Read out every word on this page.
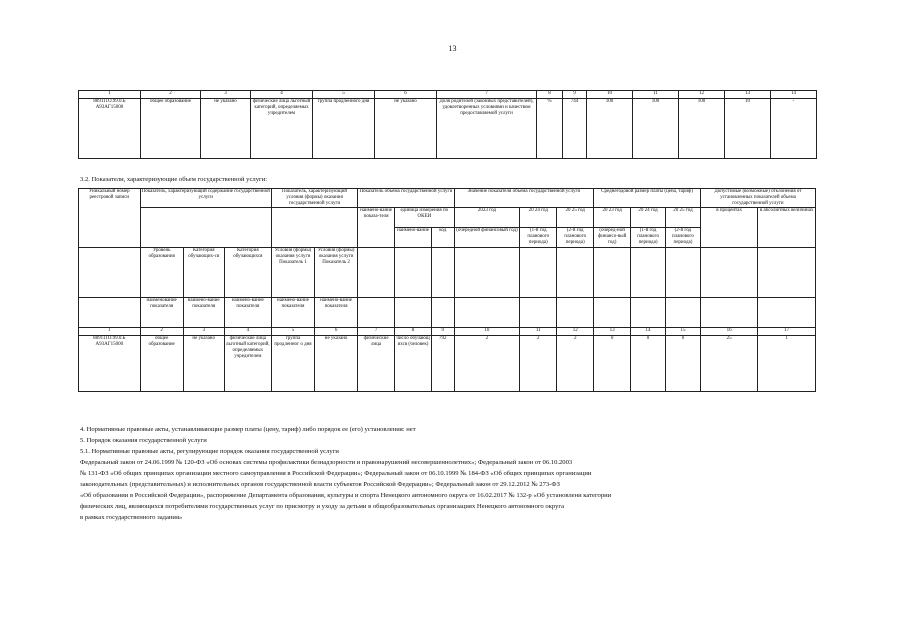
13
1	2	3	4	5	6	7	8	9	10	11	12	13	14
889111О.99.0.Б А93АГ15000	общее образование	не указано	физические лица льготный категорий, определяемых учредителем	группа продленного дня	не указано	Доля родителей (законных представителей), удовлетворенных условиями и качеством предоставляемой услуги	%	744	100	100	100	10	-
3.2. Показатели, характеризующие объем государственной услуги:
Уникальный номер реестровой записи	Показатель, характеризующий содержание государственной услуги			Показатель, характеризующий условия (формы) оказания государственной услуги		Показатель объема государственной услуги			Значение показателя объема государственной услуги			Среднегодовой размер платы (цена, тариф)			Допустимые (возможные) отклонения от установленных показателей объема государственной услуги	
						наимено-вание показа-теля	единица измерения по ОКЕИ		2023 год	20 24 год	20 25 год	20 23 год	20 24 год	20 25 год	в процентах	в абсолютных величинах
							наимено-вание	код	(очередной финансовый год)	(1-й год планового периода)	(2-й год планового периода)	(очеред-ной финансо-вый год)	(1-й год планового периода)	(2-й год планового периода)		
	Уровень образования	Категория обучающих-ся	Категория обучающихся	Условия (формы) оказания услуги Показатель 1	Условия (формы) оказания услуги Показатель 2											
	наименование показателя	наимено-вание показателя	наимено-вание показателя	наимено-вание показателя	наимено-вание показателя											
1	2	3	4	5	6	7	8	9	10	11	12	13	14	15	16	17
889111О.99.0.Б А93АГ15000	общее образование	не указано	физические лица льготный категорий, определяемых учредителем	группа продленног о дня	не указано	физические лица	число обучающ ихся (человек)	792	2	2	2	0	0	0	25	1
4. Нормативные правовые акты, устанавливающие размер платы (цену, тариф) либо порядок ее (его) установления: нет
5. Порядок оказания государственной услуги
5.1. Нормативные правовые акты, регулирующие порядок оказания государственной услуги
Федеральный закон от 24.06.1999 № 120-ФЗ «Об основах системы профилактики безнадзорности и правонарушений несовершеннолетних»; Федеральный закон от 06.10.2003
№ 131-ФЗ «Об общих принципах организации местного самоуправления в Российской Федерации»; Федеральный закон от 06.10.1999 № 184-ФЗ «Об общих принципах организации
законодательных (представительных) и исполнительных органов государственной власти субъектов Российской Федерации»; Федеральный закон от 29.12.2012 № 273-ФЗ
«Об образовании в Российской Федерации», распоряжение Департамента образования, культуры и спорта Ненецкого автономного округа от 16.02.2017 № 132-р «Об установлени категории
физических лиц, являющихся потребителями государственных услуг по присмотру и уходу за детьми в общеобразовательных организациях Ненецкого автономного округа
в рамках государственного задания»
